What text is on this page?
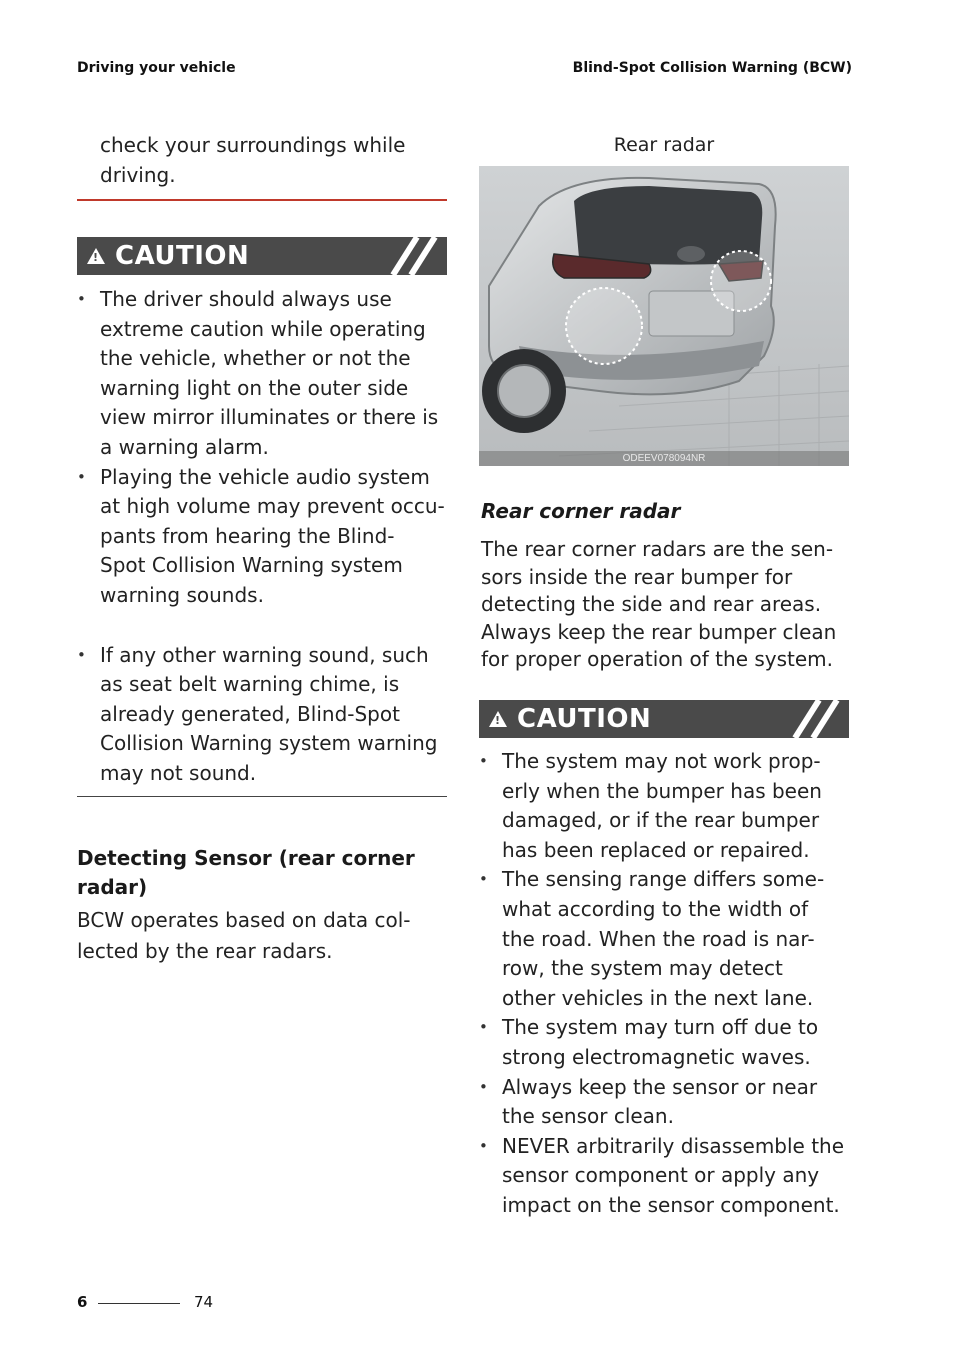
Driving your vehicle	Blind-Spot Collision Warning (BCW)
check your surroundings while
driving.
!
CAUTION
• The driver should always use
extreme caution while operating
the vehicle, whether or not the
warning light on the outer side
view mirror illuminates or there is
a warning alarm.
• Playing the vehicle audio system
at high volume may prevent occu-
pants from hearing the Blind-
Spot Collision Warning system
warning sounds.
• If any other warning sound, such
as seat belt warning chime, is
already generated, Blind-Spot
Collision Warning system warning
may not sound.
Detecting Sensor (rear corner
radar)
BCW operates based on data col-
lected by the rear radars.
Rear radar
ODEEV078094NR
Rear corner radar
The rear corner radars are the sen-
sors inside the rear bumper for
detecting the side and rear areas.
Always keep the rear bumper clean
for proper operation of the system.
!
CAUTION
• The system may not work prop-
erly when the bumper has been
damaged, or if the rear bumper
has been replaced or repaired.
• The sensing range differs some-
what according to the width of
the road. When the road is nar-
row, the system may detect
other vehicles in the next lane.
• The system may turn off due to
strong electromagnetic waves.
• Always keep the sensor or near
the sensor clean.
• NEVER arbitrarily disassemble the
sensor component or apply any
impact on the sensor component.
6	74
